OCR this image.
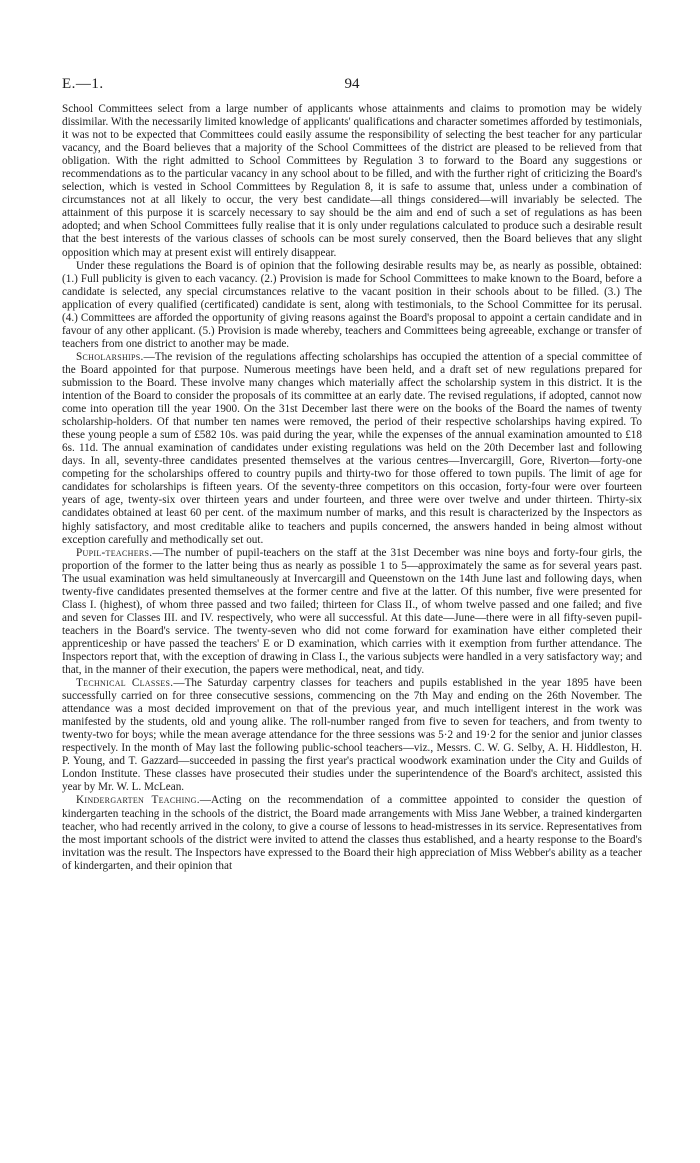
E.—1.	94

School Committees select from a large number of applicants whose attainments and claims to promotion may be widely dissimilar. With the necessarily limited knowledge of applicants' qualifications and character sometimes afforded by testimonials, it was not to be expected that Committees could easily assume the responsibility of selecting the best teacher for any particular vacancy, and the Board believes that a majority of the School Committees of the district are pleased to be relieved from that obligation. With the right admitted to School Committees by Regulation 3 to forward to the Board any suggestions or recommendations as to the particular vacancy in any school about to be filled, and with the further right of criticizing the Board's selection, which is vested in School Committees by Regulation 8, it is safe to assume that, unless under a combination of circumstances not at all likely to occur, the very best candidate—all things considered—will invariably be selected. The attainment of this purpose it is scarcely necessary to say should be the aim and end of such a set of regulations as has been adopted; and when School Committees fully realise that it is only under regulations calculated to produce such a desirable result that the best interests of the various classes of schools can be most surely conserved, then the Board believes that any slight opposition which may at present exist will entirely disappear.

Under these regulations the Board is of opinion that the following desirable results may be, as nearly as possible, obtained: (1.) Full publicity is given to each vacancy. (2.) Provision is made for School Committees to make known to the Board, before a candidate is selected, any special circumstances relative to the vacant position in their schools about to be filled. (3.) The application of every qualified (certificated) candidate is sent, along with testimonials, to the School Committee for its perusal. (4.) Committees are afforded the opportunity of giving reasons against the Board's proposal to appoint a certain candidate and in favour of any other applicant. (5.) Provision is made whereby, teachers and Committees being agreeable, exchange or transfer of teachers from one district to another may be made.

Scholarships.—The revision of the regulations affecting scholarships has occupied the attention of a special committee of the Board appointed for that purpose. Numerous meetings have been held, and a draft set of new regulations prepared for submission to the Board. These involve many changes which materially affect the scholarship system in this district. It is the intention of the Board to consider the proposals of its committee at an early date. The revised regulations, if adopted, cannot now come into operation till the year 1900. On the 31st December last there were on the books of the Board the names of twenty scholarship-holders. Of that number ten names were removed, the period of their respective scholarships having expired. To these young people a sum of £582 10s. was paid during the year, while the expenses of the annual examination amounted to £18 6s. 11d. The annual examination of candidates under existing regulations was held on the 20th December last and following days. In all, seventy-three candidates presented themselves at the various centres—Invercargill, Gore, Riverton—forty-one competing for the scholarships offered to country pupils and thirty-two for those offered to town pupils. The limit of age for candidates for scholarships is fifteen years. Of the seventy-three competitors on this occasion, forty-four were over fourteen years of age, twenty-six over thirteen years and under fourteen, and three were over twelve and under thirteen. Thirty-six candidates obtained at least 60 per cent. of the maximum number of marks, and this result is characterized by the Inspectors as highly satisfactory, and most creditable alike to teachers and pupils concerned, the answers handed in being almost without exception carefully and methodically set out.

Pupil-teachers.—The number of pupil-teachers on the staff at the 31st December was nine boys and forty-four girls, the proportion of the former to the latter being thus as nearly as possible 1 to 5—approximately the same as for several years past. The usual examination was held simultaneously at Invercargill and Queenstown on the 14th June last and following days, when twenty-five candidates presented themselves at the former centre and five at the latter. Of this number, five were presented for Class I. (highest), of whom three passed and two failed; thirteen for Class II., of whom twelve passed and one failed; and five and seven for Classes III. and IV. respectively, who were all successful. At this date—June—there were in all fifty-seven pupil-teachers in the Board's service. The twenty-seven who did not come forward for examination have either completed their apprenticeship or have passed the teachers' E or D examination, which carries with it exemption from further attendance. The Inspectors report that, with the exception of drawing in Class I., the various subjects were handled in a very satisfactory way; and that, in the manner of their execution, the papers were methodical, neat, and tidy.

Technical Classes.—The Saturday carpentry classes for teachers and pupils established in the year 1895 have been successfully carried on for three consecutive sessions, commencing on the 7th May and ending on the 26th November. The attendance was a most decided improvement on that of the previous year, and much intelligent interest in the work was manifested by the students, old and young alike. The roll-number ranged from five to seven for teachers, and from twenty to twenty-two for boys; while the mean average attendance for the three sessions was 5·2 and 19·2 for the senior and junior classes respectively. In the month of May last the following public-school teachers—viz., Messrs. C. W. G. Selby, A. H. Hiddleston, H. P. Young, and T. Gazzard—succeeded in passing the first year's practical woodwork examination under the City and Guilds of London Institute. These classes have prosecuted their studies under the superintendence of the Board's architect, assisted this year by Mr. W. L. McLean.

Kindergarten Teaching.—Acting on the recommendation of a committee appointed to consider the question of kindergarten teaching in the schools of the district, the Board made arrangements with Miss Jane Webber, a trained kindergarten teacher, who had recently arrived in the colony, to give a course of lessons to head-mistresses in its service. Representatives from the most important schools of the district were invited to attend the classes thus established, and a hearty response to the Board's invitation was the result. The Inspectors have expressed to the Board their high appreciation of Miss Webber's ability as a teacher of kindergarten, and their opinion that
